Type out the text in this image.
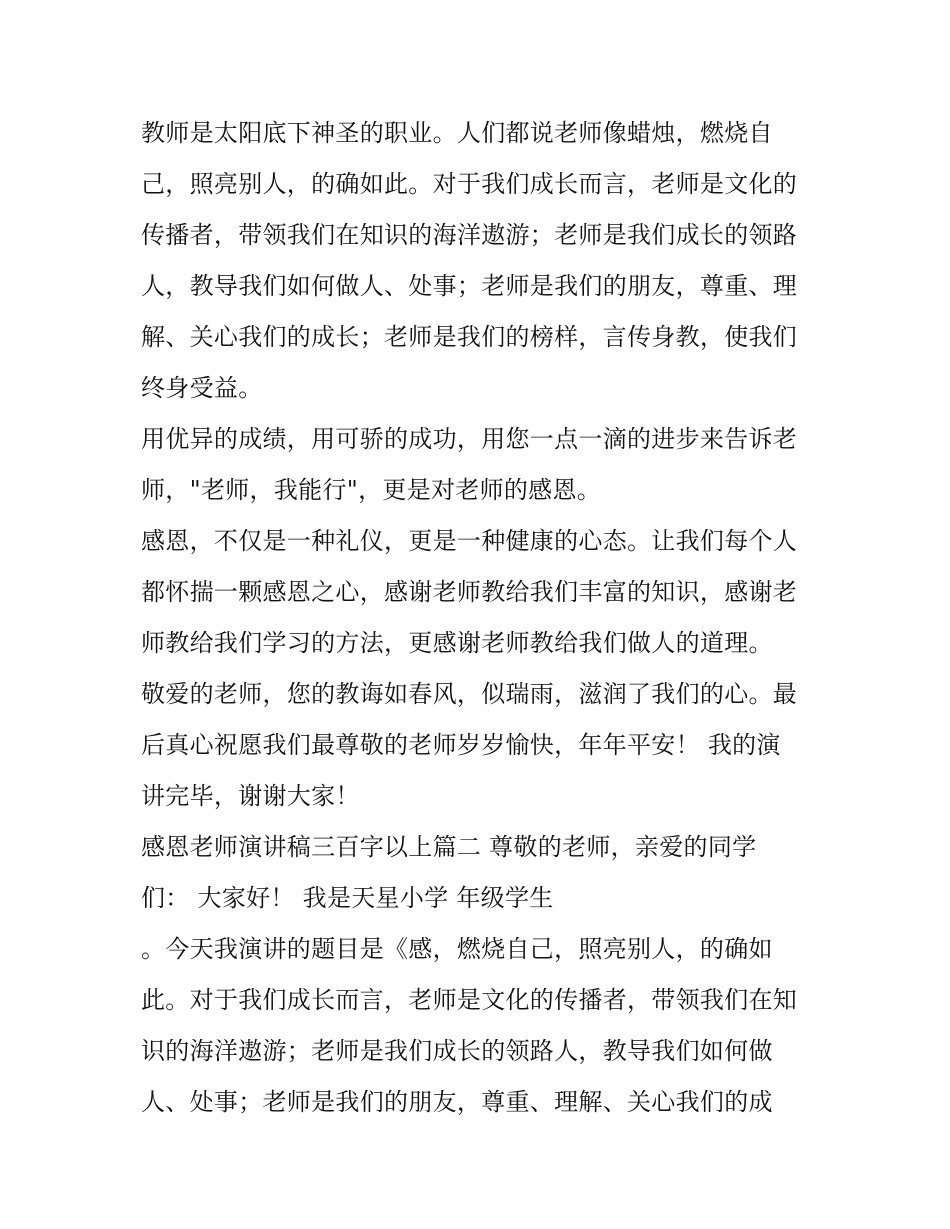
教师是太阳底下神圣的职业。人们都说老师像蜡烛，燃烧自
己，照亮别人，的确如此。对于我们成长而言，老师是文化的
传播者，带领我们在知识的海洋遨游；老师是我们成长的领路
人，教导我们如何做人、处事；老师是我们的朋友，尊重、理
解、关心我们的成长；老师是我们的榜样，言传身教，使我们
终身受益。
用优异的成绩，用可骄的成功，用您一点一滴的进步来告诉老
师，"老师，我能行"，更是对老师的感恩。
感恩，不仅是一种礼仪，更是一种健康的心态。让我们每个人
都怀揣一颗感恩之心，感谢老师教给我们丰富的知识，感谢老
师教给我们学习的方法，更感谢老师教给我们做人的道理。
敬爱的老师，您的教诲如春风，似瑞雨，滋润了我们的心。最
后真心祝愿我们最尊敬的老师岁岁愉快，年年平安！ 我的演
讲完毕，谢谢大家！
感恩老师演讲稿三百字以上篇二 尊敬的老师，亲爱的同学
们： 大家好！ 我是天星小学 年级学生
。今天我演讲的题目是《感，燃烧自己，照亮别人，的确如
此。对于我们成长而言，老师是文化的传播者，带领我们在知
识的海洋遨游；老师是我们成长的领路人，教导我们如何做
人、处事；老师是我们的朋友，尊重、理解、关心我们的成
